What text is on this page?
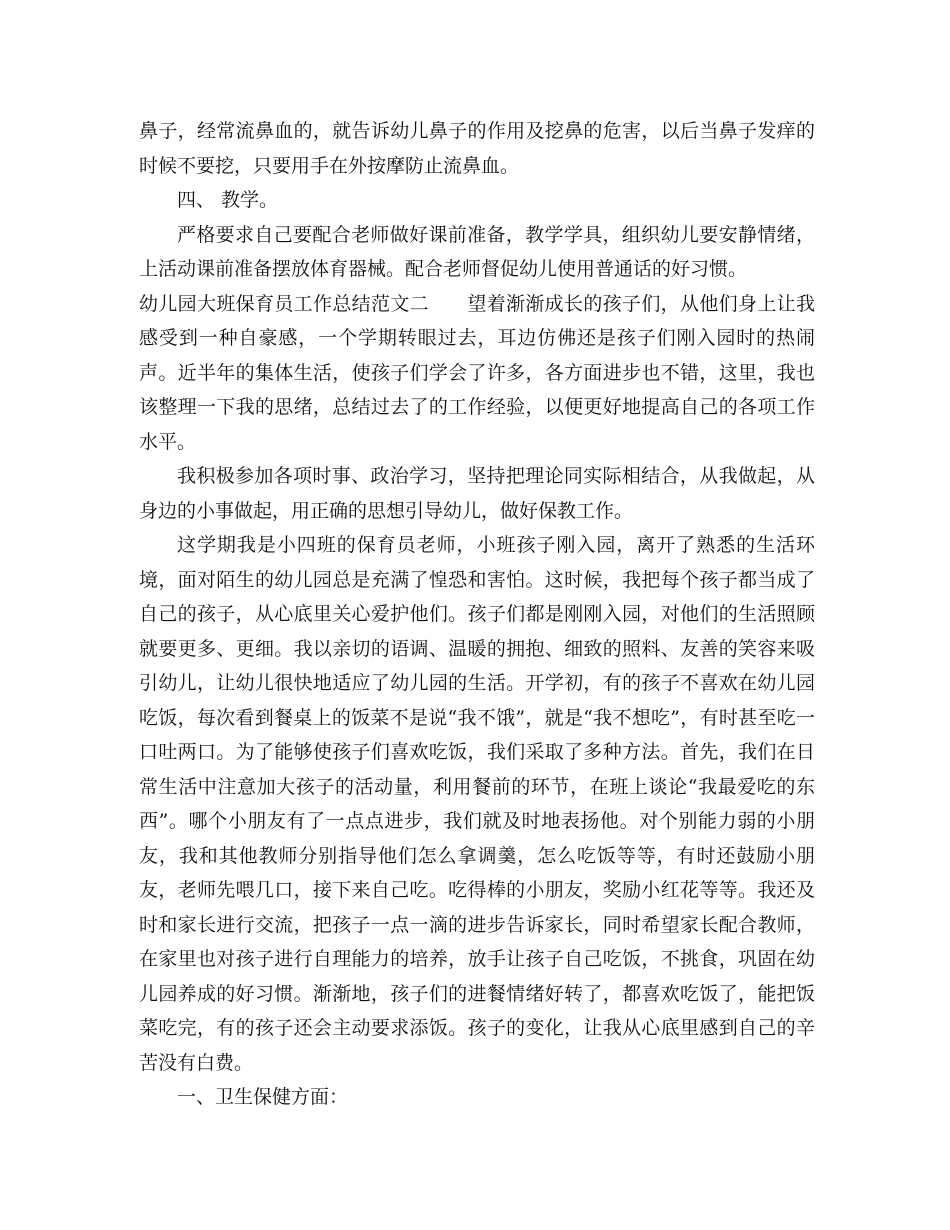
鼻子，经常流鼻血的，就告诉幼儿鼻子的作用及挖鼻的危害，以后当鼻子发痒的时候不要挖，只要用手在外按摩防止流鼻血。

四、 教学。

严格要求自己要配合老师做好课前准备，教学学具，组织幼儿要安静情绪，上活动课前准备摆放体育器械。配合老师督促幼儿使用普通话的好习惯。

幼儿园大班保育员工作总结范文二 望着渐渐成长的孩子们，从他们身上让我感受到一种自豪感，一个学期转眼过去，耳边仿佛还是孩子们刚入园时的热闹声。近半年的集体生活，使孩子们学会了许多，各方面进步也不错，这里，我也该整理一下我的思绪，总结过去了的工作经验，以便更好地提高自己的各项工作水平。

我积极参加各项时事、政治学习，坚持把理论同实际相结合，从我做起，从身边的小事做起，用正确的思想引导幼儿，做好保教工作。

这学期我是小四班的保育员老师，小班孩子刚入园，离开了熟悉的生活环境，面对陌生的幼儿园总是充满了惶恐和害怕。这时候，我把每个孩子都当成了自己的孩子，从心底里关心爱护他们。孩子们都是刚刚入园，对他们的生活照顾就要更多、更细。我以亲切的语调、温暖的拥抱、细致的照料、友善的笑容来吸引幼儿，让幼儿很快地适应了幼儿园的生活。开学初，有的孩子不喜欢在幼儿园吃饭，每次看到餐桌上的饭菜不是说“我不饿”，就是“我不想吃”，有时甚至吃一口吐两口。为了能够使孩子们喜欢吃饭，我们采取了多种方法。首先，我们在日常生活中注意加大孩子的活动量，利用餐前的环节，在班上谈论“我最爱吃的东西”。哪个小朋友有了一点点进步，我们就及时地表扬他。对个别能力弱的小朋友，我和其他教师分别指导他们怎么拿调羹，怎么吃饭等等，有时还鼓励小朋友，老师先喂几口，接下来自己吃。吃得棒的小朋友，奖励小红花等等。我还及时和家长进行交流，把孩子一点一滴的进步告诉家长，同时希望家长配合教师，在家里也对孩子进行自理能力的培养，放手让孩子自己吃饭，不挑食，巩固在幼儿园养成的好习惯。渐渐地，孩子们的进餐情绪好转了，都喜欢吃饭了，能把饭菜吃完，有的孩子还会主动要求添饭。孩子的变化，让我从心底里感到自己的辛苦没有白费。

一、卫生保健方面：
